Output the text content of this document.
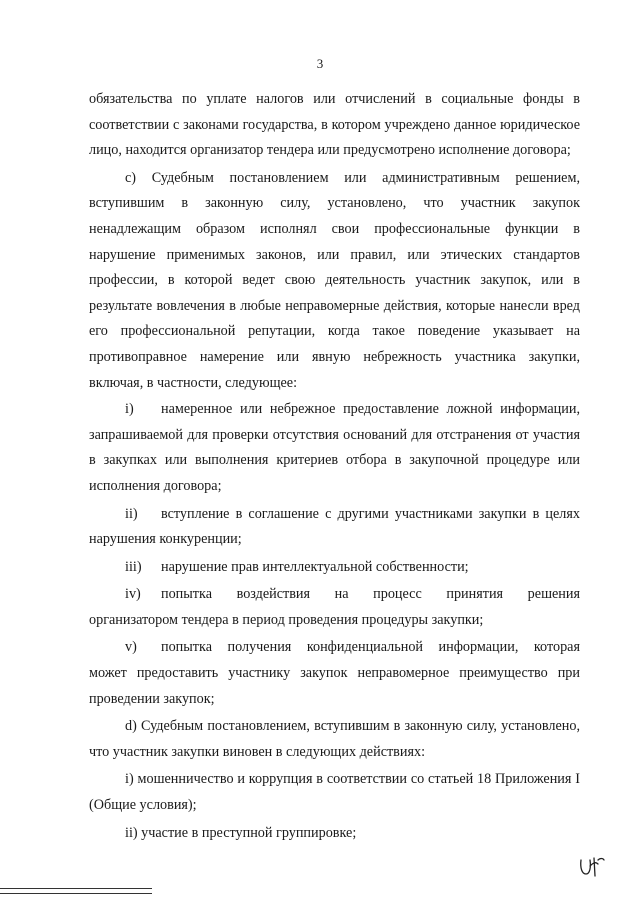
3

обязательства по уплате налогов или отчислений в социальные фонды в соответствии с законами государства, в котором учреждено данное юридическое лицо, находится организатор тендера или предусмотрено исполнение договора;

c) Судебным постановлением или административным решением, вступившим в законную силу, установлено, что участник закупок ненадлежащим образом исполнял свои профессиональные функции в нарушение применимых законов, или правил, или этических стандартов профессии, в которой ведет свою деятельность участник закупок, или в результате вовлечения в любые неправомерные действия, которые нанесли вред его профессиональной репутации, когда такое поведение указывает на противоправное намерение или явную небрежность участника закупки, включая, в частности, следующее:

i)	намеренное или небрежное предоставление ложной информации,

запрашиваемой для проверки отсутствия оснований для отстранения от участия в закупках или выполнения критериев отбора в закупочной процедуре или исполнения договора;

ii)	вступление в соглашение с другими участниками закупки в целях

нарушения конкуренции;

iii)	нарушение прав интеллектуальной собственности;
iv)	попытка воздействия на процесс принятия решения

организатором тендера в период проведения процедуры закупки;

v)	попытка получения конфиденциальной информации, которая

может предоставить участнику закупок неправомерное преимущество при проведении закупок;

d) Судебным постановлением, вступившим в законную силу, установлено, что участник закупки виновен в следующих действиях:

i) мошенничество и коррупция в соответствии со статьей 18 Приложения I (Общие условия);

ii) участие в преступной группировке;
